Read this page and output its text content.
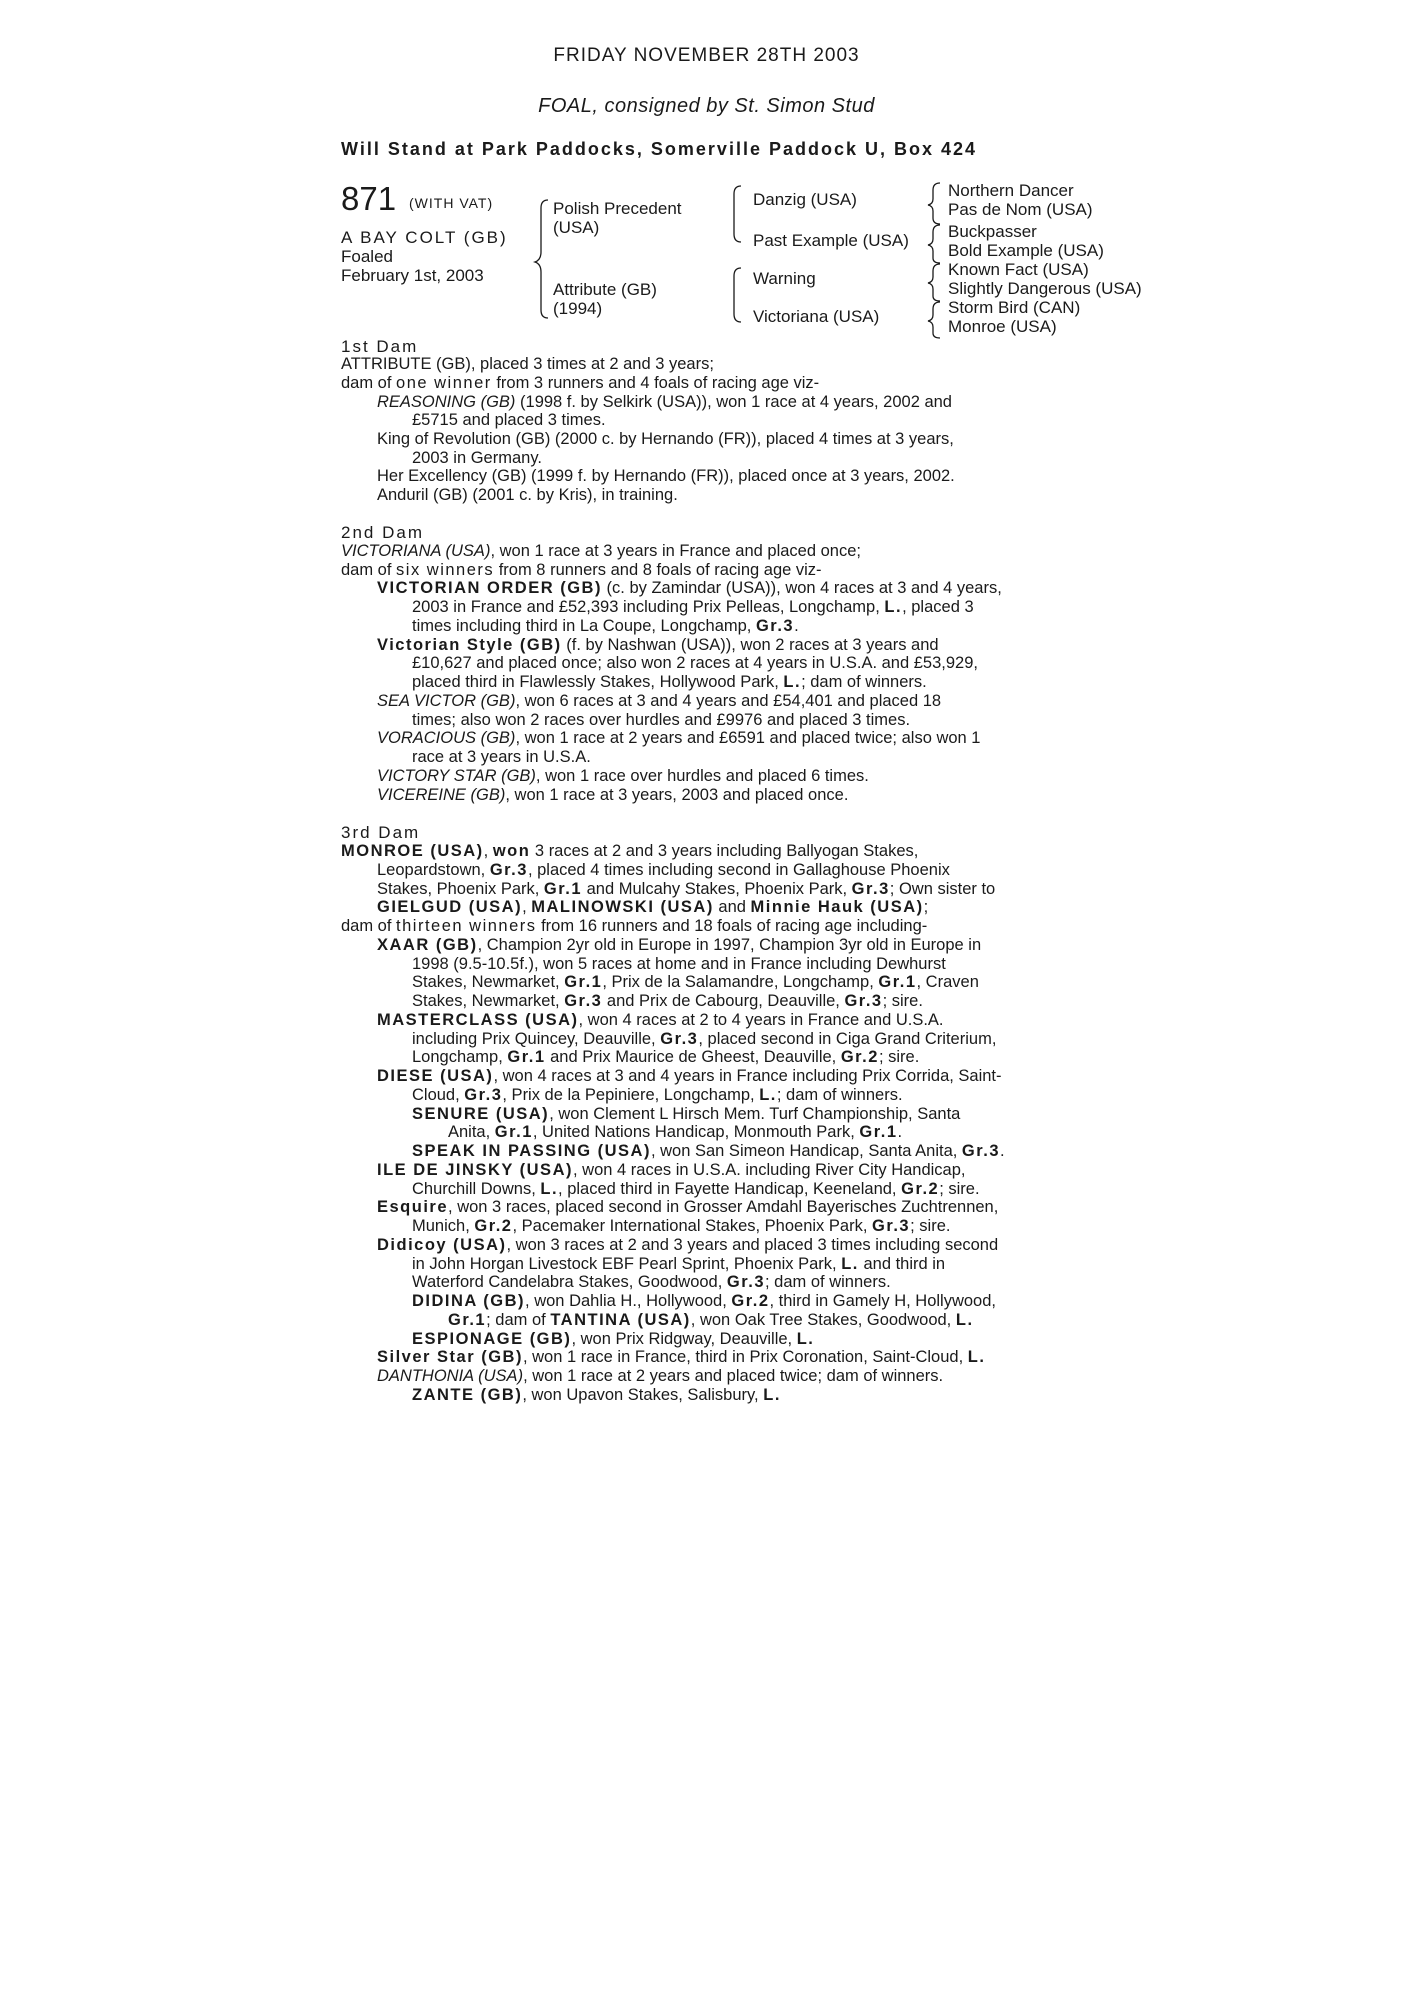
FRIDAY NOVEMBER 28TH 2003
FOAL, consigned by St. Simon Stud
Will Stand at Park Paddocks, Somerville Paddock U, Box 424
871 (WITH VAT)
A BAY COLT (GB)
Foaled
February 1st, 2003
Polish Precedent
(USA)
Attribute (GB)
(1994)
Danzig (USA)
Past Example (USA)
Warning
Victoriana (USA)
Northern Dancer
Pas de Nom (USA)
Buckpasser
Bold Example (USA)
Known Fact (USA)
Slightly Dangerous (USA)
Storm Bird (CAN)
Monroe (USA)
1st Dam
ATTRIBUTE (GB), placed 3 times at 2 and 3 years;
dam of one winner from 3 runners and 4 foals of racing age viz-
REASONING (GB) (1998 f. by Selkirk (USA)), won 1 race at 4 years, 2002 and
£5715 and placed 3 times.
King of Revolution (GB) (2000 c. by Hernando (FR)), placed 4 times at 3 years,
2003 in Germany.
Her Excellency (GB) (1999 f. by Hernando (FR)), placed once at 3 years, 2002.
Anduril (GB) (2001 c. by Kris), in training.
2nd Dam
VICTORIANA (USA), won 1 race at 3 years in France and placed once;
dam of six winners from 8 runners and 8 foals of racing age viz-
VICTORIAN ORDER (GB) (c. by Zamindar (USA)), won 4 races at 3 and 4 years,
2003 in France and £52,393 including Prix Pelleas, Longchamp, L., placed 3
times including third in La Coupe, Longchamp, Gr.3.
Victorian Style (GB) (f. by Nashwan (USA)), won 2 races at 3 years and
£10,627 and placed once; also won 2 races at 4 years in U.S.A. and £53,929,
placed third in Flawlessly Stakes, Hollywood Park, L.; dam of winners.
SEA VICTOR (GB), won 6 races at 3 and 4 years and £54,401 and placed 18
times; also won 2 races over hurdles and £9976 and placed 3 times.
VORACIOUS (GB), won 1 race at 2 years and £6591 and placed twice; also won 1
race at 3 years in U.S.A.
VICTORY STAR (GB), won 1 race over hurdles and placed 6 times.
VICEREINE (GB), won 1 race at 3 years, 2003 and placed once.
3rd Dam
MONROE (USA), won 3 races at 2 and 3 years including Ballyogan Stakes,
Leopardstown, Gr.3, placed 4 times including second in Gallaghouse Phoenix
Stakes, Phoenix Park, Gr.1 and Mulcahy Stakes, Phoenix Park, Gr.3; Own sister to
GIELGUD (USA), MALINOWSKI (USA) and Minnie Hauk (USA);
dam of thirteen winners from 16 runners and 18 foals of racing age including-
XAAR (GB), Champion 2yr old in Europe in 1997, Champion 3yr old in Europe in
1998 (9.5-10.5f.), won 5 races at home and in France including Dewhurst
Stakes, Newmarket, Gr.1, Prix de la Salamandre, Longchamp, Gr.1, Craven
Stakes, Newmarket, Gr.3 and Prix de Cabourg, Deauville, Gr.3; sire.
MASTERCLASS (USA), won 4 races at 2 to 4 years in France and U.S.A.
including Prix Quincey, Deauville, Gr.3, placed second in Ciga Grand Criterium,
Longchamp, Gr.1 and Prix Maurice de Gheest, Deauville, Gr.2; sire.
DIESE (USA), won 4 races at 3 and 4 years in France including Prix Corrida, Saint-
Cloud, Gr.3, Prix de la Pepiniere, Longchamp, L.; dam of winners.
SENURE (USA), won Clement L Hirsch Mem. Turf Championship, Santa
Anita, Gr.1, United Nations Handicap, Monmouth Park, Gr.1.
SPEAK IN PASSING (USA), won San Simeon Handicap, Santa Anita, Gr.3.
ILE DE JINSKY (USA), won 4 races in U.S.A. including River City Handicap,
Churchill Downs, L., placed third in Fayette Handicap, Keeneland, Gr.2; sire.
Esquire, won 3 races, placed second in Grosser Amdahl Bayerisches Zuchtrennen,
Munich, Gr.2, Pacemaker International Stakes, Phoenix Park, Gr.3; sire.
Didicoy (USA), won 3 races at 2 and 3 years and placed 3 times including second
in John Horgan Livestock EBF Pearl Sprint, Phoenix Park, L. and third in
Waterford Candelabra Stakes, Goodwood, Gr.3; dam of winners.
DIDINA (GB), won Dahlia H., Hollywood, Gr.2, third in Gamely H, Hollywood,
Gr.1; dam of TANTINA (USA), won Oak Tree Stakes, Goodwood, L.
ESPIONAGE (GB), won Prix Ridgway, Deauville, L.
Silver Star (GB), won 1 race in France, third in Prix Coronation, Saint-Cloud, L.
DANTHONIA (USA), won 1 race at 2 years and placed twice; dam of winners.
ZANTE (GB), won Upavon Stakes, Salisbury, L.
